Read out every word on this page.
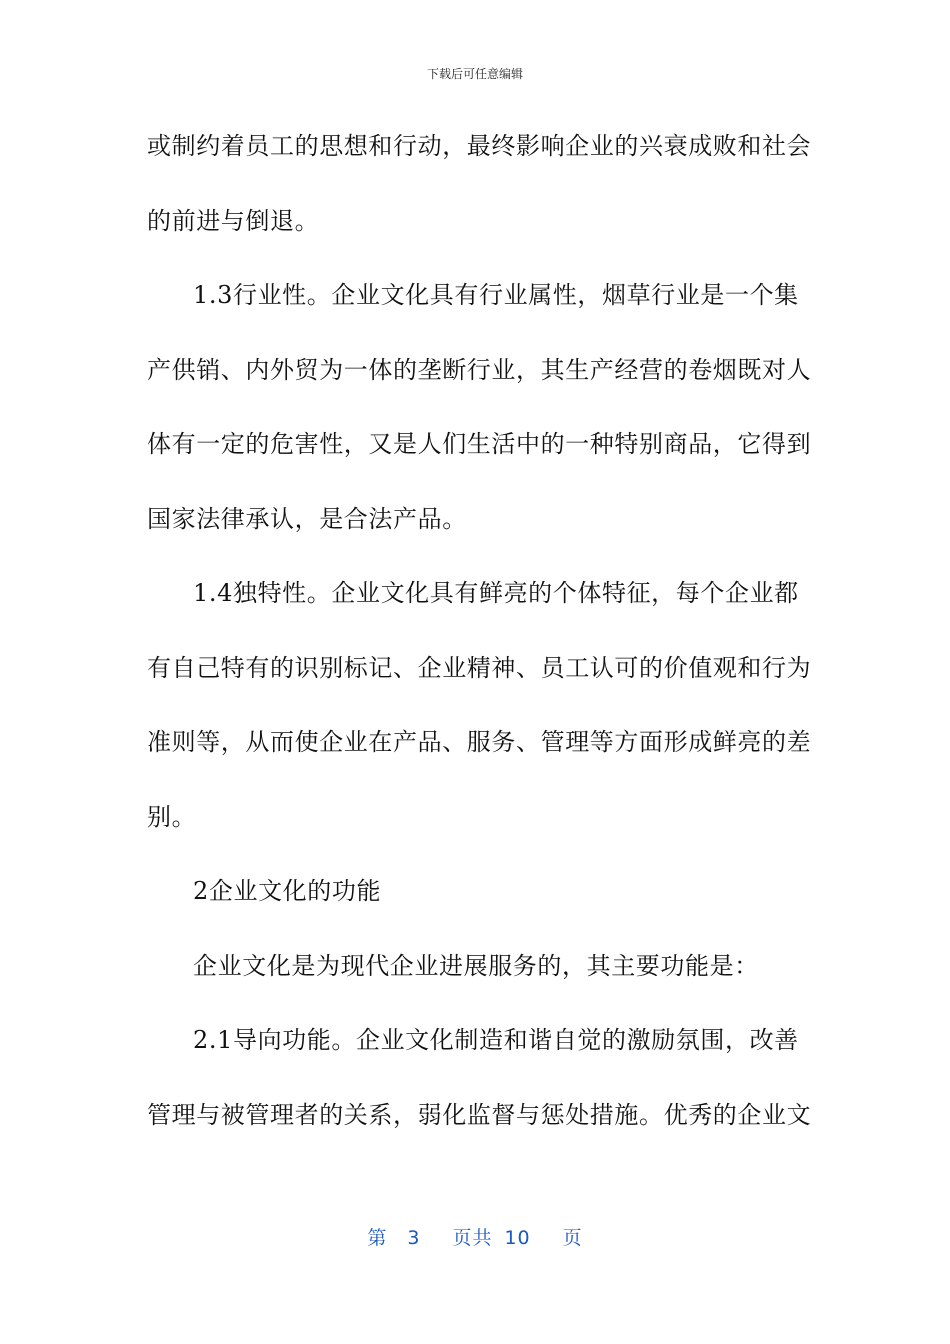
下载后可任意编辑
或制约着员工的思想和行动，最终影响企业的兴衰成败和社会
的前进与倒退。
1.3行业性。企业文化具有行业属性，烟草行业是一个集
产供销、内外贸为一体的垄断行业，其生产经营的卷烟既对人
体有一定的危害性，又是人们生活中的一种特别商品，它得到
国家法律承认，是合法产品。
1.4独特性。企业文化具有鲜亮的个体特征，每个企业都
有自己特有的识别标记、企业精神、员工认可的价值观和行为
准则等，从而使企业在产品、服务、管理等方面形成鲜亮的差
别。
2企业文化的功能
企业文化是为现代企业进展服务的，其主要功能是：
2.1导向功能。企业文化制造和谐自觉的激励氛围，改善
管理与被管理者的关系，弱化监督与惩处措施。优秀的企业文
第 3 页共 10 页
